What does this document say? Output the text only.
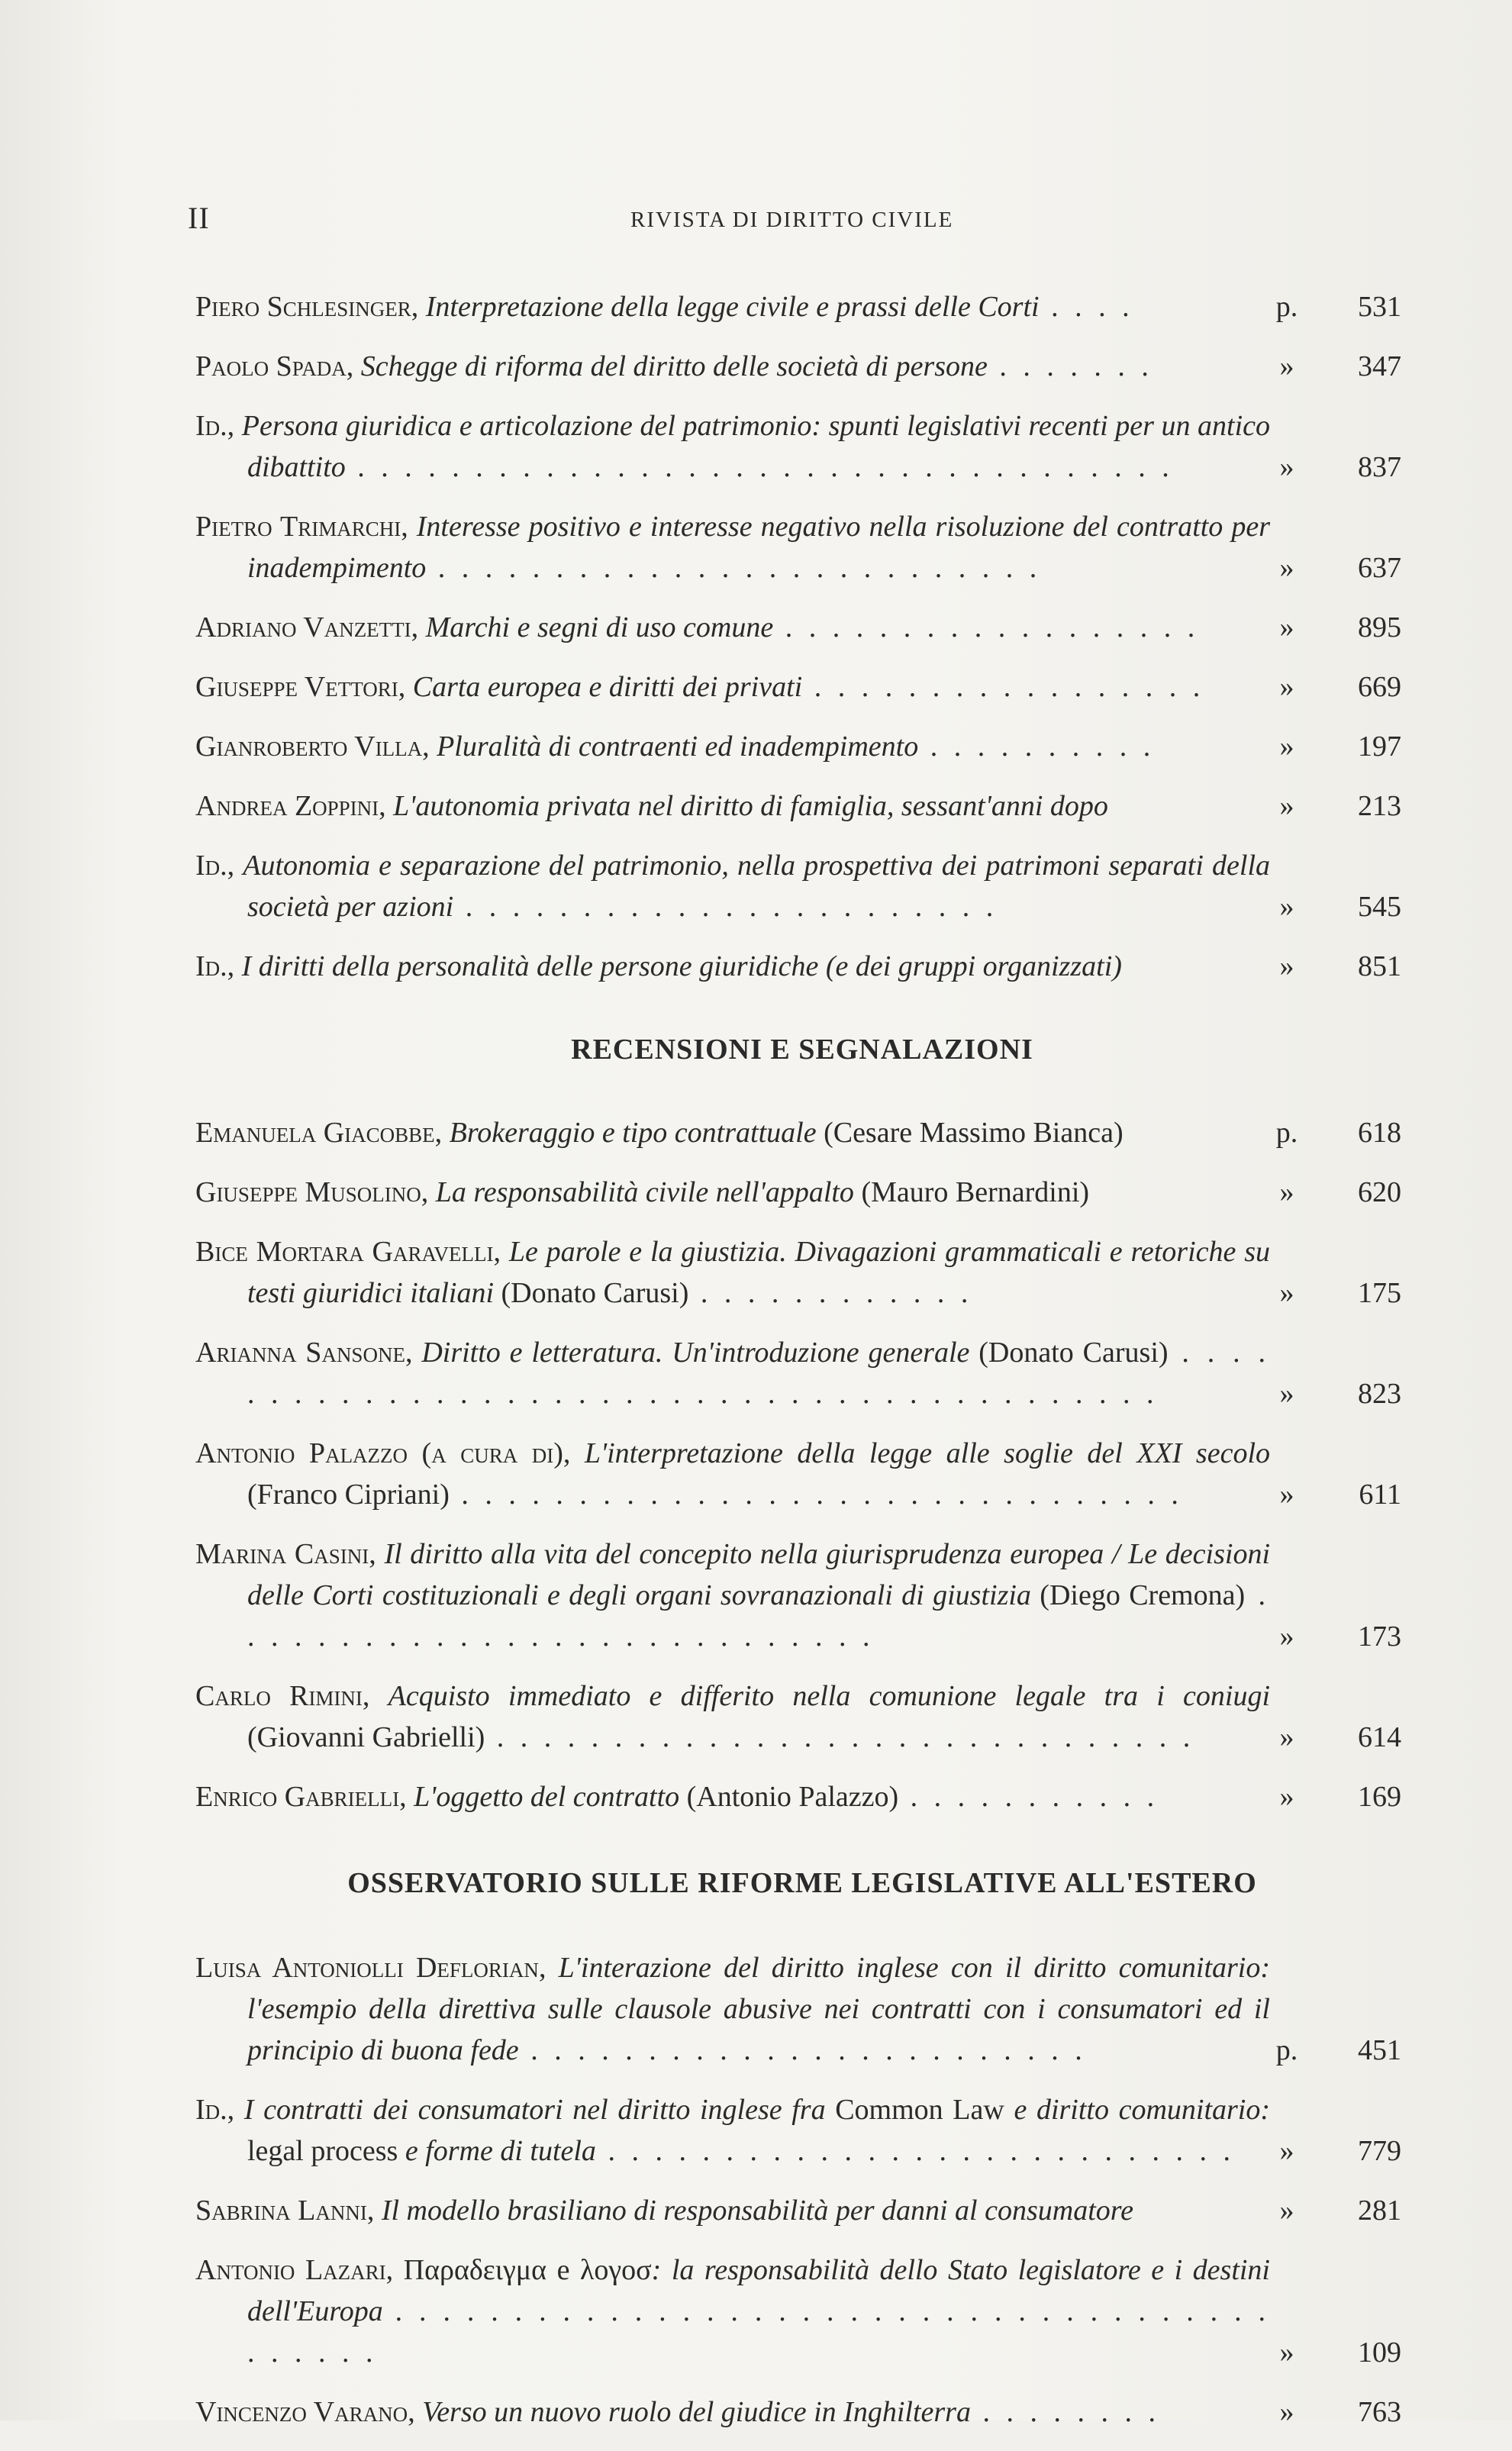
II	RIVISTA DI DIRITTO CIVILE
Piero Schlesinger, Interpretazione della legge civile e prassi delle Corti . . . .	p.	531
Paolo Spada, Schegge di riforma del diritto delle società di persone . . . . . . .	»	347
Id., Persona giuridica e articolazione del patrimonio: spunti legislativi recenti per un antico dibattito . . . . . . . . . . . . . . . . . . . . . . . . . . . . . . . . . . .	»	837
Pietro Trimarchi, Interesse positivo e interesse negativo nella risoluzione del contratto per inadempimento . . . . . . . . . . . . . . . . . . . . . . . . . .	»	637
Adriano Vanzetti, Marchi e segni di uso comune . . . . . . . . . . . . . . . . . .	»	895
Giuseppe Vettori, Carta europea e diritti dei privati . . . . . . . . . . . . . . . . .	»	669
Gianroberto Villa, Pluralità di contraenti ed inadempimento . . . . . . . . . .	»	197
Andrea Zoppini, L'autonomia privata nel diritto di famiglia, sessant'anni dopo	»	213
Id., Autonomia e separazione del patrimonio, nella prospettiva dei patrimoni separati della società per azioni . . . . . . . . . . . . . . . . . . . . . . .	»	545
Id., I diritti della personalità delle persone giuridiche (e dei gruppi organizzati)	»	851
RECENSIONI E SEGNALAZIONI
Emanuela Giacobbe, Brokeraggio e tipo contrattuale (Cesare Massimo Bianca)	p.	618
Giuseppe Musolino, La responsabilità civile nell'appalto (Mauro Bernardini)	»	620
Bice Mortara Garavelli, Le parole e la giustizia. Divagazioni grammaticali e retoriche su testi giuridici italiani (Donato Carusi) . . . . . . . . . . . .	»	175
Arianna Sansone, Diritto e letteratura. Un'introduzione generale (Donato Carusi) . . . . . . . . . . . . . . . . . . . . . . . . . . . . . . . . . . . . . . . . . . .	»	823
Antonio Palazzo (a cura di), L'interpretazione della legge alle soglie del XXI secolo (Franco Cipriani) . . . . . . . . . . . . . . . . . . . . . . . . . . . . . . .	»	611
Marina Casini, Il diritto alla vita del concepito nella giurisprudenza europea / Le decisioni delle Corti costituzionali e degli organi sovranazionali di giustizia (Diego Cremona) . . . . . . . . . . . . . . . . . . . . . . . . . . . .	»	173
Carlo Rimini, Acquisto immediato e differito nella comunione legale tra i coniugi (Giovanni Gabrielli) . . . . . . . . . . . . . . . . . . . . . . . . . . . . . .	»	614
Enrico Gabrielli, L'oggetto del contratto (Antonio Palazzo) . . . . . . . . . . .	»	169
OSSERVATORIO SULLE RIFORME LEGISLATIVE ALL'ESTERO
Luisa Antoniolli Deflorian, L'interazione del diritto inglese con il diritto comunitario: l'esempio della direttiva sulle clausole abusive nei contratti con i consumatori ed il principio di buona fede . . . . . . . . . . . . . . . . . . . . . . . .	p.	451
Id., I contratti dei consumatori nel diritto inglese fra Common Law e diritto comunitario: legal process e forme di tutela . . . . . . . . . . . . . . . . . . . . . . . . . . .	»	779
Sabrina Lanni, Il modello brasiliano di responsabilità per danni al consumatore	»	281
Antonio Lazari, Παραδειγμα e λογοσ: la responsabilità dello Stato legislatore e i destini dell'Europa . . . . . . . . . . . . . . . . . . . . . . . . . . . . . . . . . . . . . . . . . . .	»	109
Vincenzo Varano, Verso un nuovo ruolo del giudice in Inghilterra . . . . . . . .	»	763
